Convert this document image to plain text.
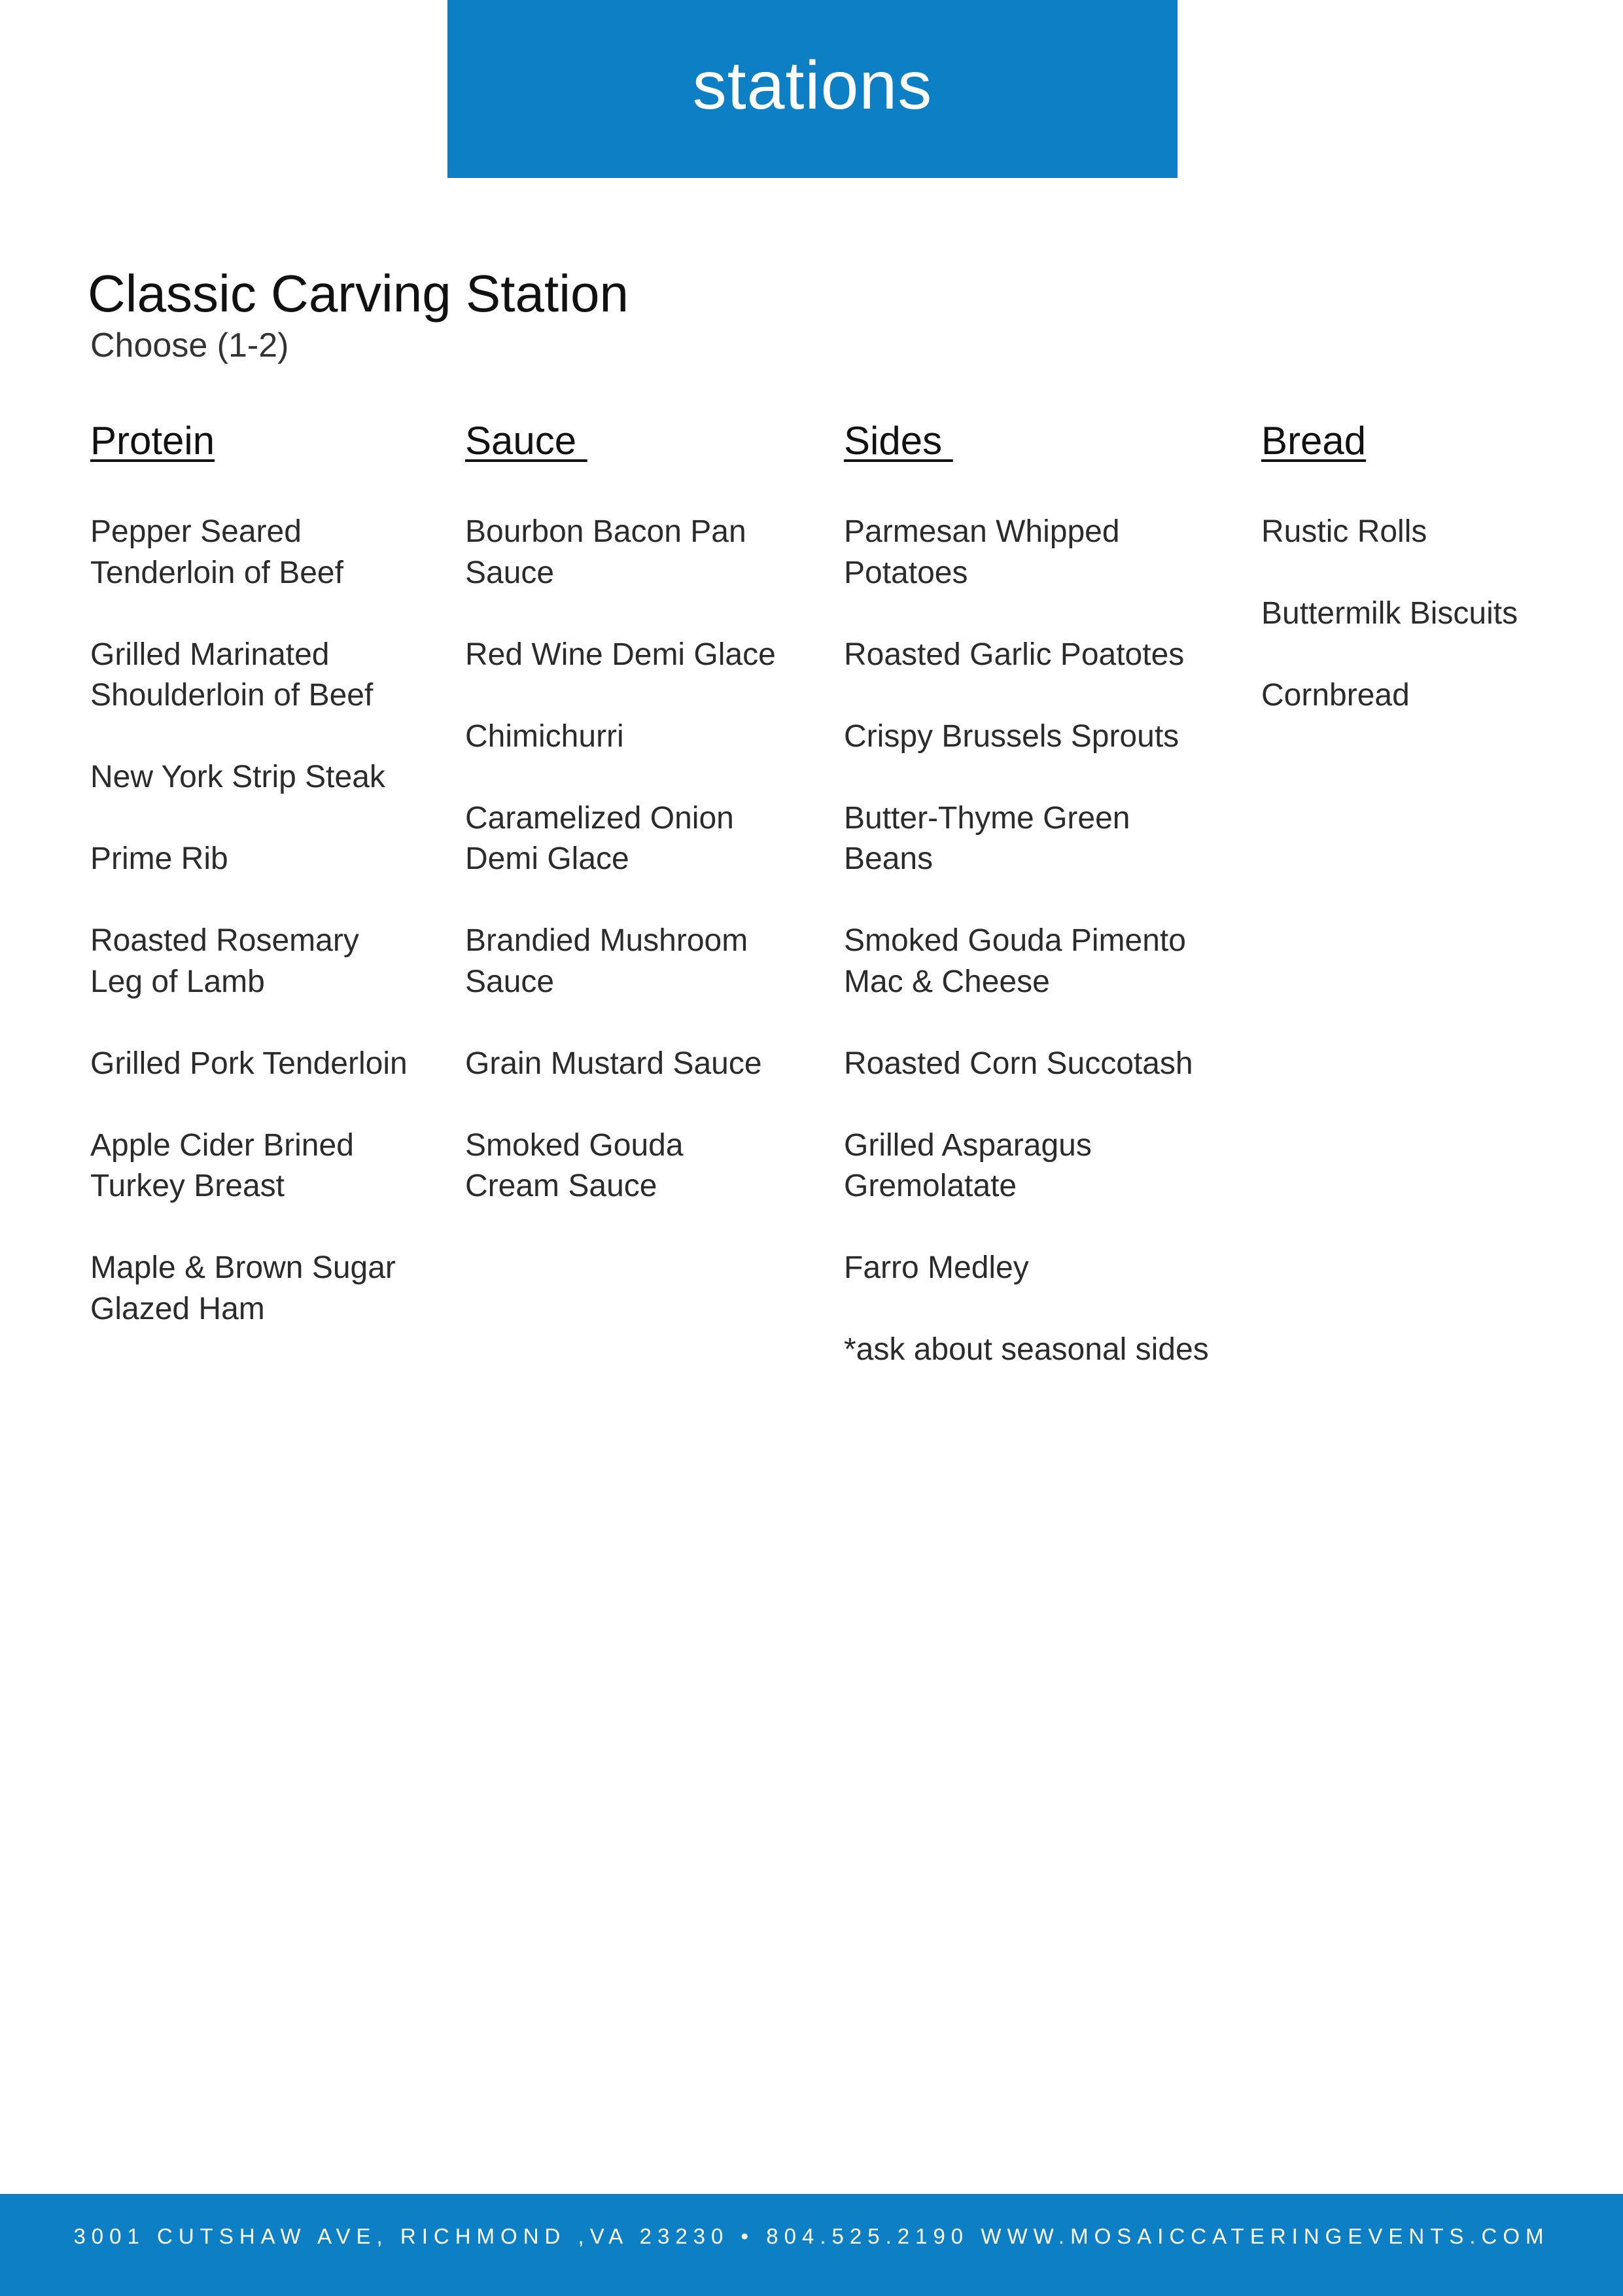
stations
Classic Carving Station
Choose (1-2)
Protein
Pepper Seared
Tenderloin of Beef
Grilled Marinated
Shoulderloin of Beef
New York Strip Steak
Prime Rib
Roasted Rosemary
Leg of Lamb
Grilled Pork Tenderloin
Apple Cider Brined
Turkey Breast
Maple & Brown Sugar
Glazed Ham
Sauce
Bourbon Bacon Pan
Sauce
Red Wine Demi Glace
Chimichurri
Caramelized Onion
Demi Glace
Brandied Mushroom
Sauce
Grain Mustard Sauce
Smoked Gouda
Cream Sauce
Sides
Parmesan Whipped
Potatoes
Roasted Garlic Poatotes
Crispy Brussels Sprouts
Butter-Thyme Green
Beans
Smoked Gouda Pimento
Mac & Cheese
Roasted Corn Succotash
Grilled Asparagus
Gremolatate
Farro Medley
*ask about seasonal sides
Bread
Rustic Rolls
Buttermilk Biscuits
Cornbread
3001 CUTSHAW AVE, RICHMOND ,VA 23230 • 804.525.2190 WWW.MOSAICCATERINGEVENTS.COM
